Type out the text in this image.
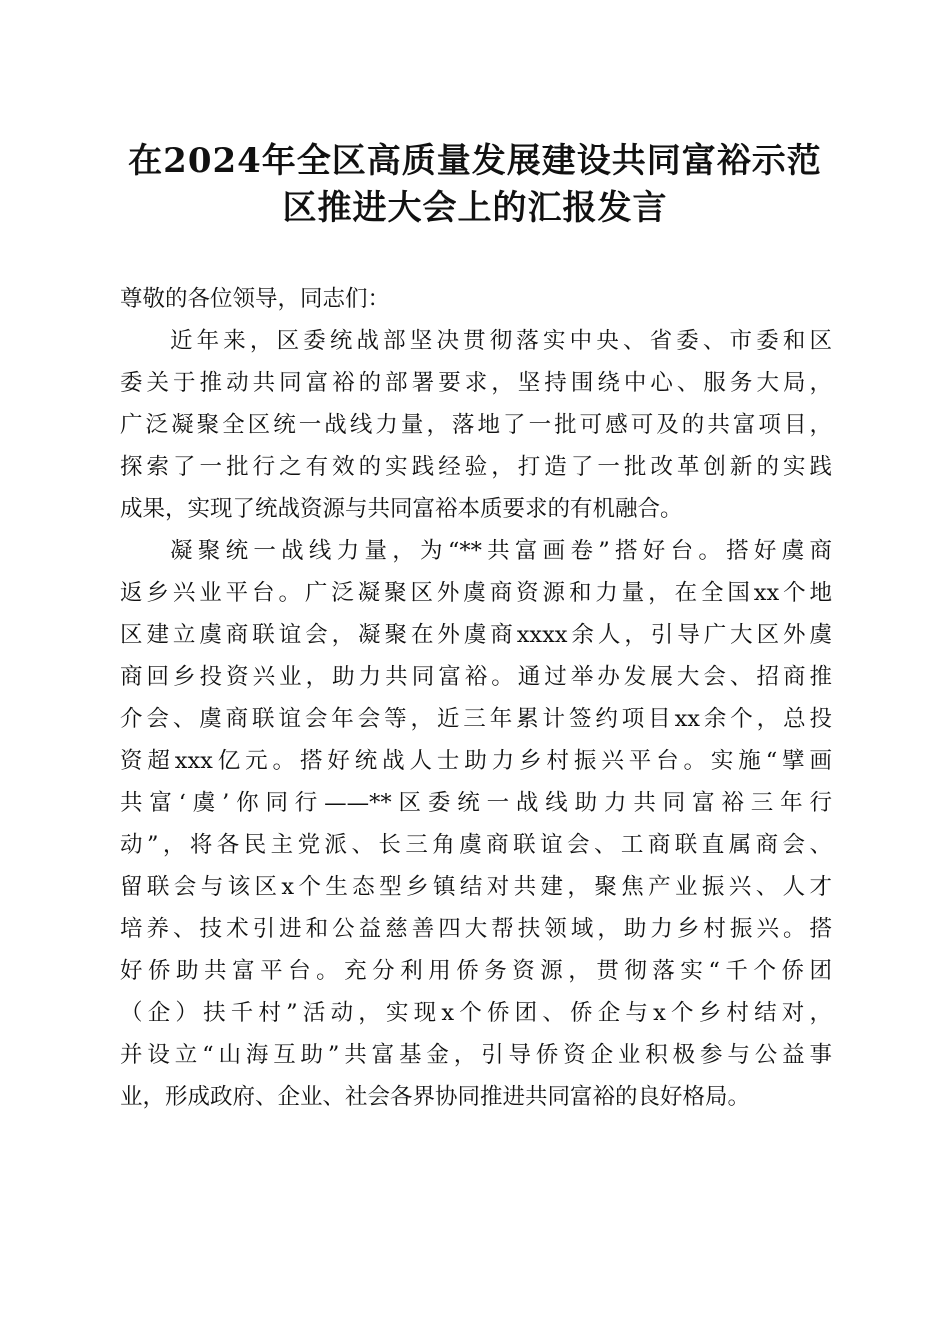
在2024年全区高质量发展建设共同富裕示范
区推进大会上的汇报发言
尊敬的各位领导，同志们：
近年来，区委统战部坚决贯彻落实中央、省委、市委和区
委关于推动共同富裕的部署要求，坚持围绕中心、服务大局，
广泛凝聚全区统一战线力量，落地了一批可感可及的共富项目，
探索了一批行之有效的实践经验，打造了一批改革创新的实践
成果，实现了统战资源与共同富裕本质要求的有机融合。
凝聚统一战线力量，为“**共富画卷”搭好台。搭好虞商
返乡兴业平台。广泛凝聚区外虞商资源和力量，在全国xx个地
区建立虞商联谊会，凝聚在外虞商xxxx余人，引导广大区外虞
商回乡投资兴业，助力共同富裕。通过举办发展大会、招商推
介会、虞商联谊会年会等，近三年累计签约项目xx余个，总投
资超xxx亿元。搭好统战人士助力乡村振兴平台。实施“擘画
共富‘虞’你同行——**区委统一战线助力共同富裕三年行
动”，将各民主党派、长三角虞商联谊会、工商联直属商会、
留联会与该区x个生态型乡镇结对共建，聚焦产业振兴、人才
培养、技术引进和公益慈善四大帮扶领域，助力乡村振兴。搭
好侨助共富平台。充分利用侨务资源，贯彻落实“千个侨团
（企）扶千村”活动，实现x个侨团、侨企与x个乡村结对，
并设立“山海互助”共富基金，引导侨资企业积极参与公益事
业，形成政府、企业、社会各界协同推进共同富裕的良好格局。
